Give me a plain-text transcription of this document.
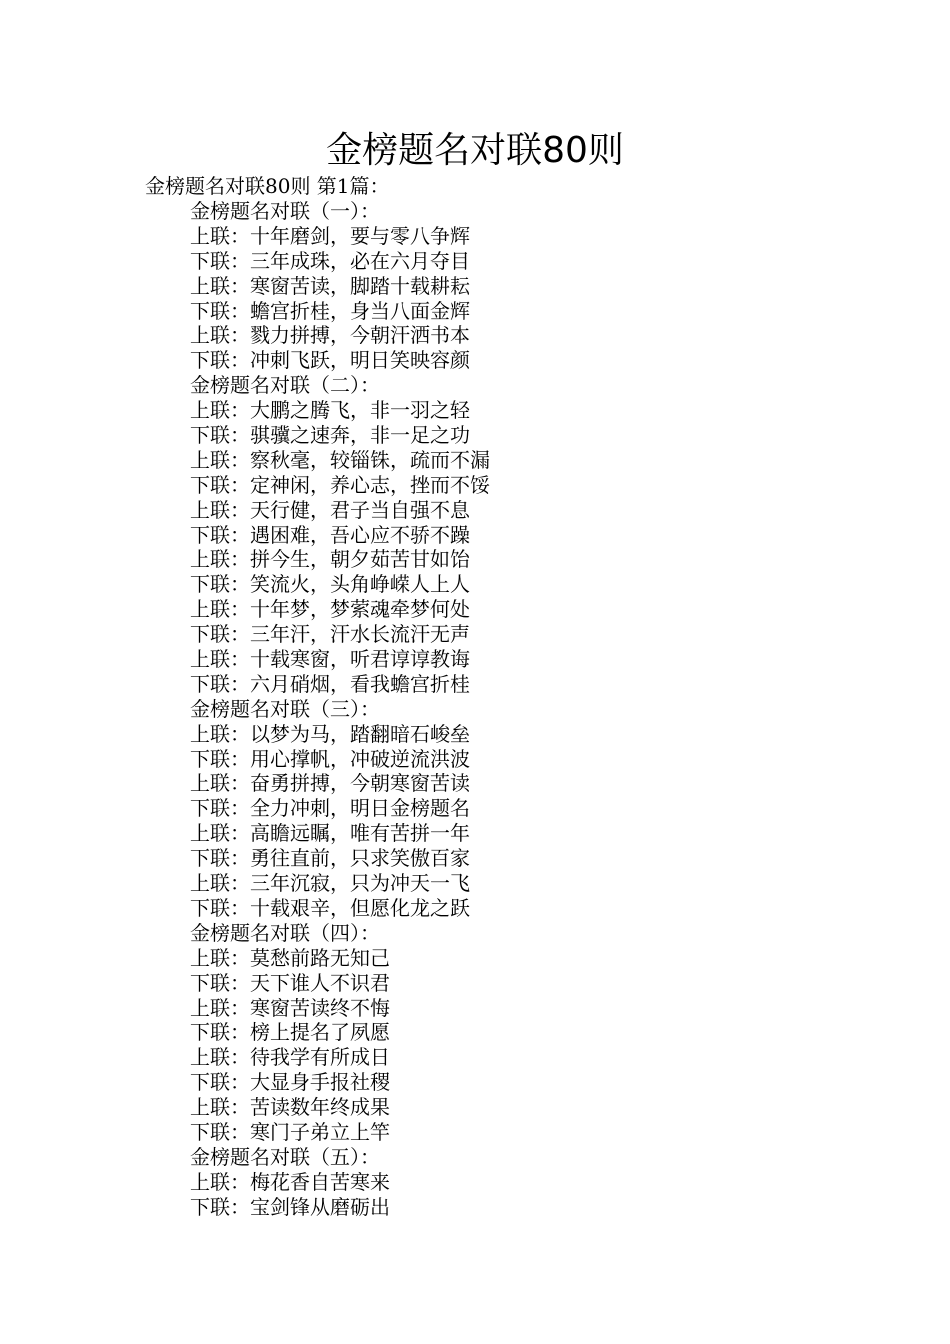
金榜题名对联80则
金榜题名对联80则 第1篇：
金榜题名对联（一）：
上联：十年磨剑，要与零八争辉
下联：三年成珠，必在六月夺目
上联：寒窗苦读，脚踏十载耕耘
下联：蟾宫折桂，身当八面金辉
上联：戮力拼搏，今朝汗洒书本
下联：冲刺飞跃，明日笑映容颜
金榜题名对联（二）：
上联：大鹏之腾飞，非一羽之轻
下联：骐骥之速奔，非一足之功
上联：察秋毫，较锱铢，疏而不漏
下联：定神闲，养心志，挫而不馁
上联：天行健，君子当自强不息
下联：遇困难，吾心应不骄不躁
上联：拼今生，朝夕茹苦甘如饴
下联：笑流火，头角峥嵘人上人
上联：十年梦，梦萦魂牵梦何处
下联：三年汗，汗水长流汗无声
上联：十载寒窗，听君谆谆教诲
下联：六月硝烟，看我蟾宫折桂
金榜题名对联（三）：
上联：以梦为马，踏翻暗石峻垒
下联：用心撑帆，冲破逆流洪波
上联：奋勇拼搏，今朝寒窗苦读
下联：全力冲刺，明日金榜题名
上联：高瞻远瞩，唯有苦拼一年
下联：勇往直前，只求笑傲百家
上联：三年沉寂，只为冲天一飞
下联：十载艰辛，但愿化龙之跃
金榜题名对联（四）：
上联：莫愁前路无知己
下联：天下谁人不识君
上联：寒窗苦读终不悔
下联：榜上提名了夙愿
上联：待我学有所成日
下联：大显身手报社稷
上联：苦读数年终成果
下联：寒门子弟立上竿
金榜题名对联（五）：
上联：梅花香自苦寒来
下联：宝剑锋从磨砺出
